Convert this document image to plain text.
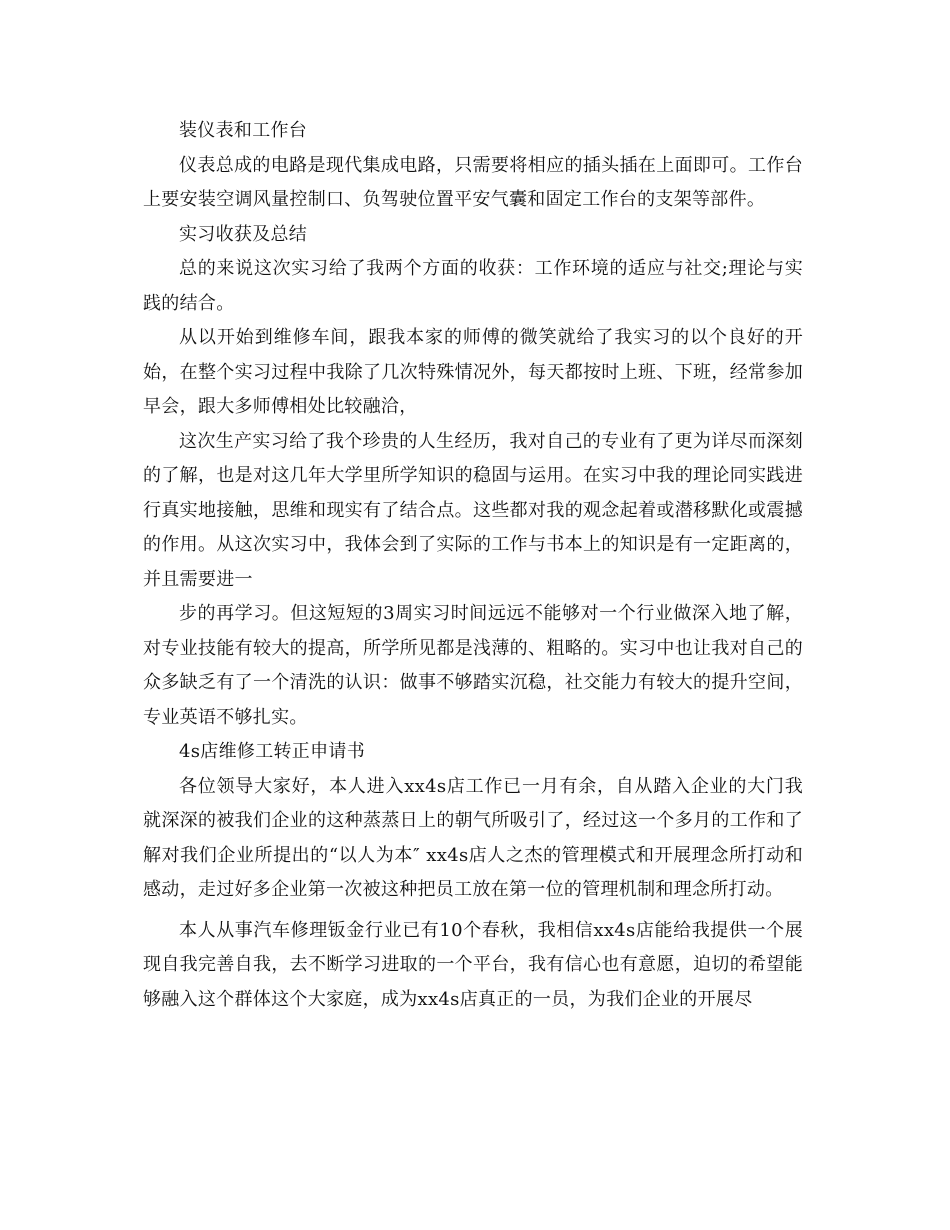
装仪表和工作台

仪表总成的电路是现代集成电路，只需要将相应的插头插在上面即可。工作台上要安装空调风量控制口、负驾驶位置平安气囊和固定工作台的支架等部件。

实习收获及总结

总的来说这次实习给了我两个方面的收获：工作环境的适应与社交;理论与实践的结合。

从以开始到维修车间，跟我本家的师傅的微笑就给了我实习的以个良好的开始，在整个实习过程中我除了几次特殊情况外，每天都按时上班、下班，经常参加早会，跟大多师傅相处比较融洽，

这次生产实习给了我个珍贵的人生经历，我对自己的专业有了更为详尽而深刻的了解，也是对这几年大学里所学知识的稳固与运用。在实习中我的理论同实践进行真实地接触，思维和现实有了结合点。这些都对我的观念起着或潜移默化或震撼的作用。从这次实习中，我体会到了实际的工作与书本上的知识是有一定距离的，并且需要进一

步的再学习。但这短短的3周实习时间远远不能够对一个行业做深入地了解，对专业技能有较大的提高，所学所见都是浅薄的、粗略的。实习中也让我对自己的众多缺乏有了一个清洗的认识：做事不够踏实沉稳，社交能力有较大的提升空间，专业英语不够扎实。

4s店维修工转正申请书

各位领导大家好，本人进入xx4s店工作已一月有余，自从踏入企业的大门我就深深的被我们企业的这种蒸蒸日上的朝气所吸引了，经过这一个多月的工作和了解对我们企业所提出的“以人为本″ xx4s店人之杰的管理模式和开展理念所打动和感动，走过好多企业第一次被这种把员工放在第一位的管理机制和理念所打动。

本人从事汽车修理钣金行业已有10个春秋，我相信xx4s店能给我提供一个展现自我完善自我，去不断学习进取的一个平台，我有信心也有意愿，迫切的希望能够融入这个群体这个大家庭，成为xx4s店真正的一员，为我们企业的开展尽
